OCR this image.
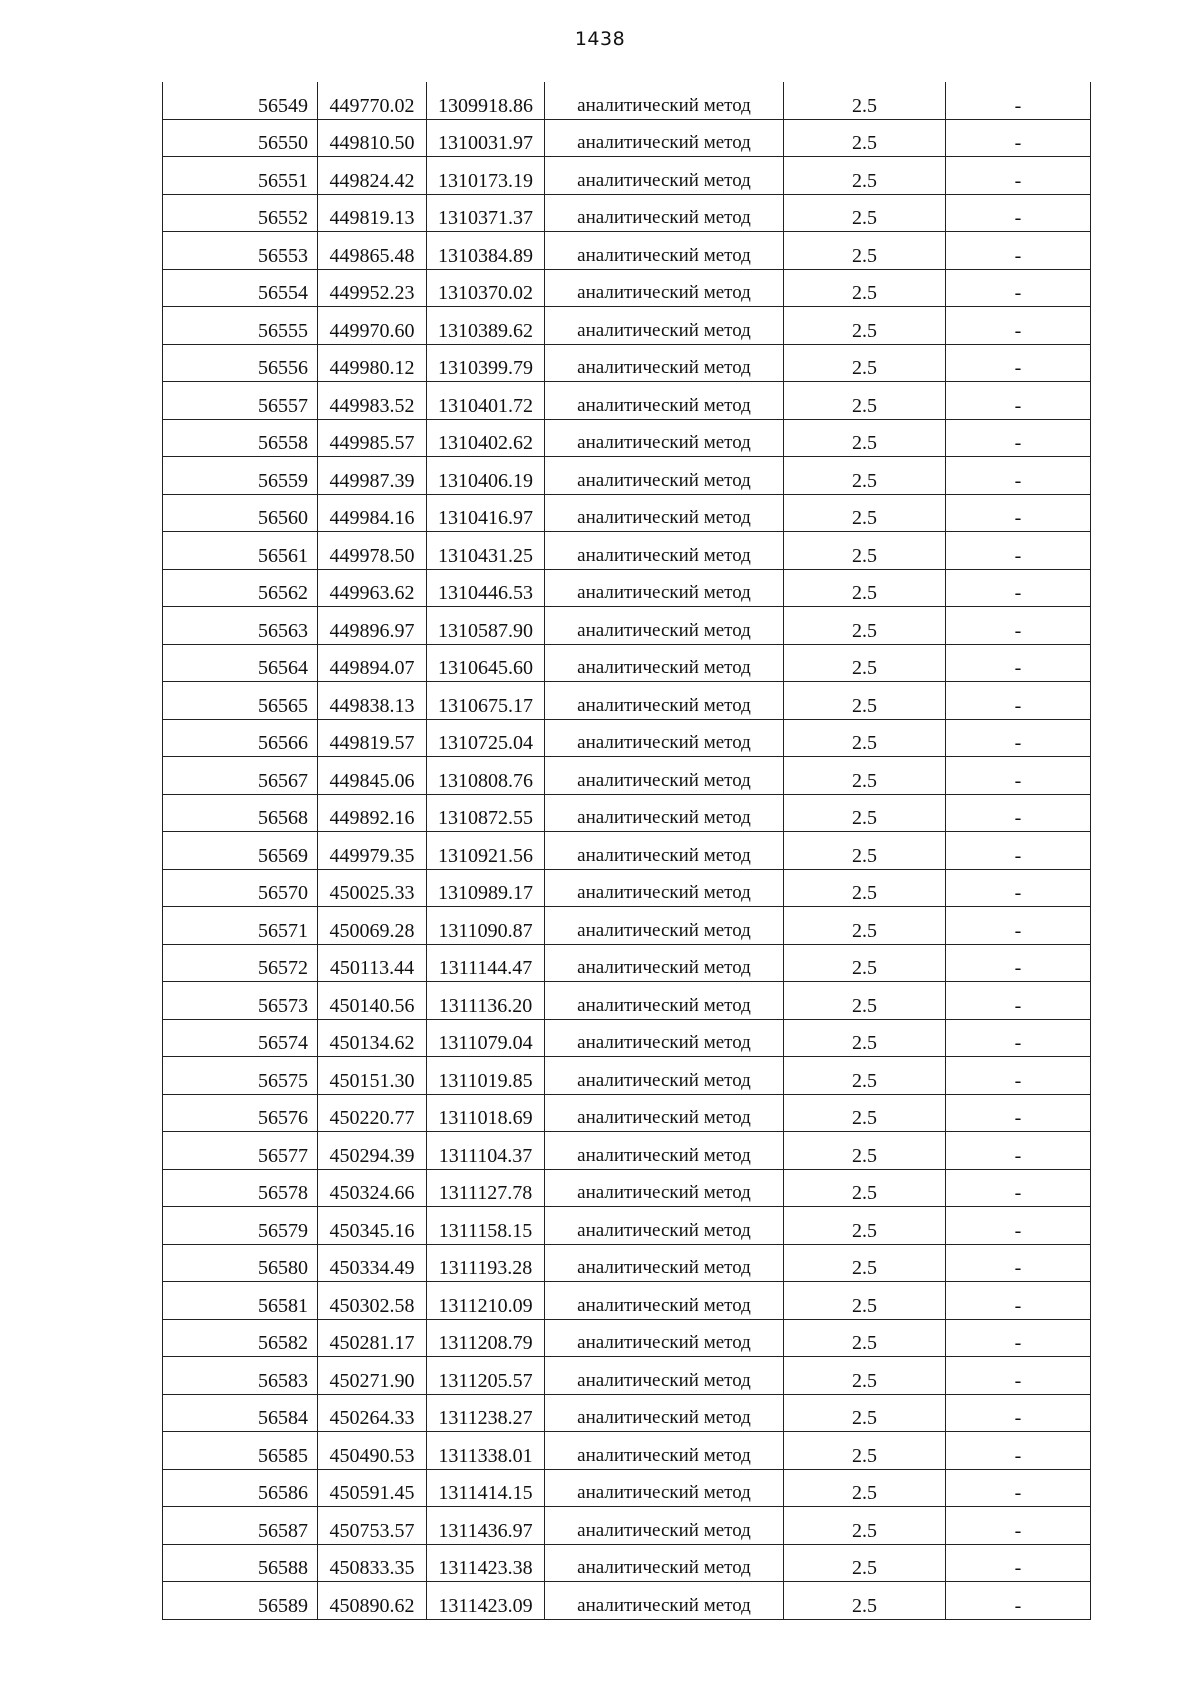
1438
56549	449770.02	1309918.86	аналитический метод	2.5	-
56550	449810.50	1310031.97	аналитический метод	2.5	-
56551	449824.42	1310173.19	аналитический метод	2.5	-
56552	449819.13	1310371.37	аналитический метод	2.5	-
56553	449865.48	1310384.89	аналитический метод	2.5	-
56554	449952.23	1310370.02	аналитический метод	2.5	-
56555	449970.60	1310389.62	аналитический метод	2.5	-
56556	449980.12	1310399.79	аналитический метод	2.5	-
56557	449983.52	1310401.72	аналитический метод	2.5	-
56558	449985.57	1310402.62	аналитический метод	2.5	-
56559	449987.39	1310406.19	аналитический метод	2.5	-
56560	449984.16	1310416.97	аналитический метод	2.5	-
56561	449978.50	1310431.25	аналитический метод	2.5	-
56562	449963.62	1310446.53	аналитический метод	2.5	-
56563	449896.97	1310587.90	аналитический метод	2.5	-
56564	449894.07	1310645.60	аналитический метод	2.5	-
56565	449838.13	1310675.17	аналитический метод	2.5	-
56566	449819.57	1310725.04	аналитический метод	2.5	-
56567	449845.06	1310808.76	аналитический метод	2.5	-
56568	449892.16	1310872.55	аналитический метод	2.5	-
56569	449979.35	1310921.56	аналитический метод	2.5	-
56570	450025.33	1310989.17	аналитический метод	2.5	-
56571	450069.28	1311090.87	аналитический метод	2.5	-
56572	450113.44	1311144.47	аналитический метод	2.5	-
56573	450140.56	1311136.20	аналитический метод	2.5	-
56574	450134.62	1311079.04	аналитический метод	2.5	-
56575	450151.30	1311019.85	аналитический метод	2.5	-
56576	450220.77	1311018.69	аналитический метод	2.5	-
56577	450294.39	1311104.37	аналитический метод	2.5	-
56578	450324.66	1311127.78	аналитический метод	2.5	-
56579	450345.16	1311158.15	аналитический метод	2.5	-
56580	450334.49	1311193.28	аналитический метод	2.5	-
56581	450302.58	1311210.09	аналитический метод	2.5	-
56582	450281.17	1311208.79	аналитический метод	2.5	-
56583	450271.90	1311205.57	аналитический метод	2.5	-
56584	450264.33	1311238.27	аналитический метод	2.5	-
56585	450490.53	1311338.01	аналитический метод	2.5	-
56586	450591.45	1311414.15	аналитический метод	2.5	-
56587	450753.57	1311436.97	аналитический метод	2.5	-
56588	450833.35	1311423.38	аналитический метод	2.5	-
56589	450890.62	1311423.09	аналитический метод	2.5	-
